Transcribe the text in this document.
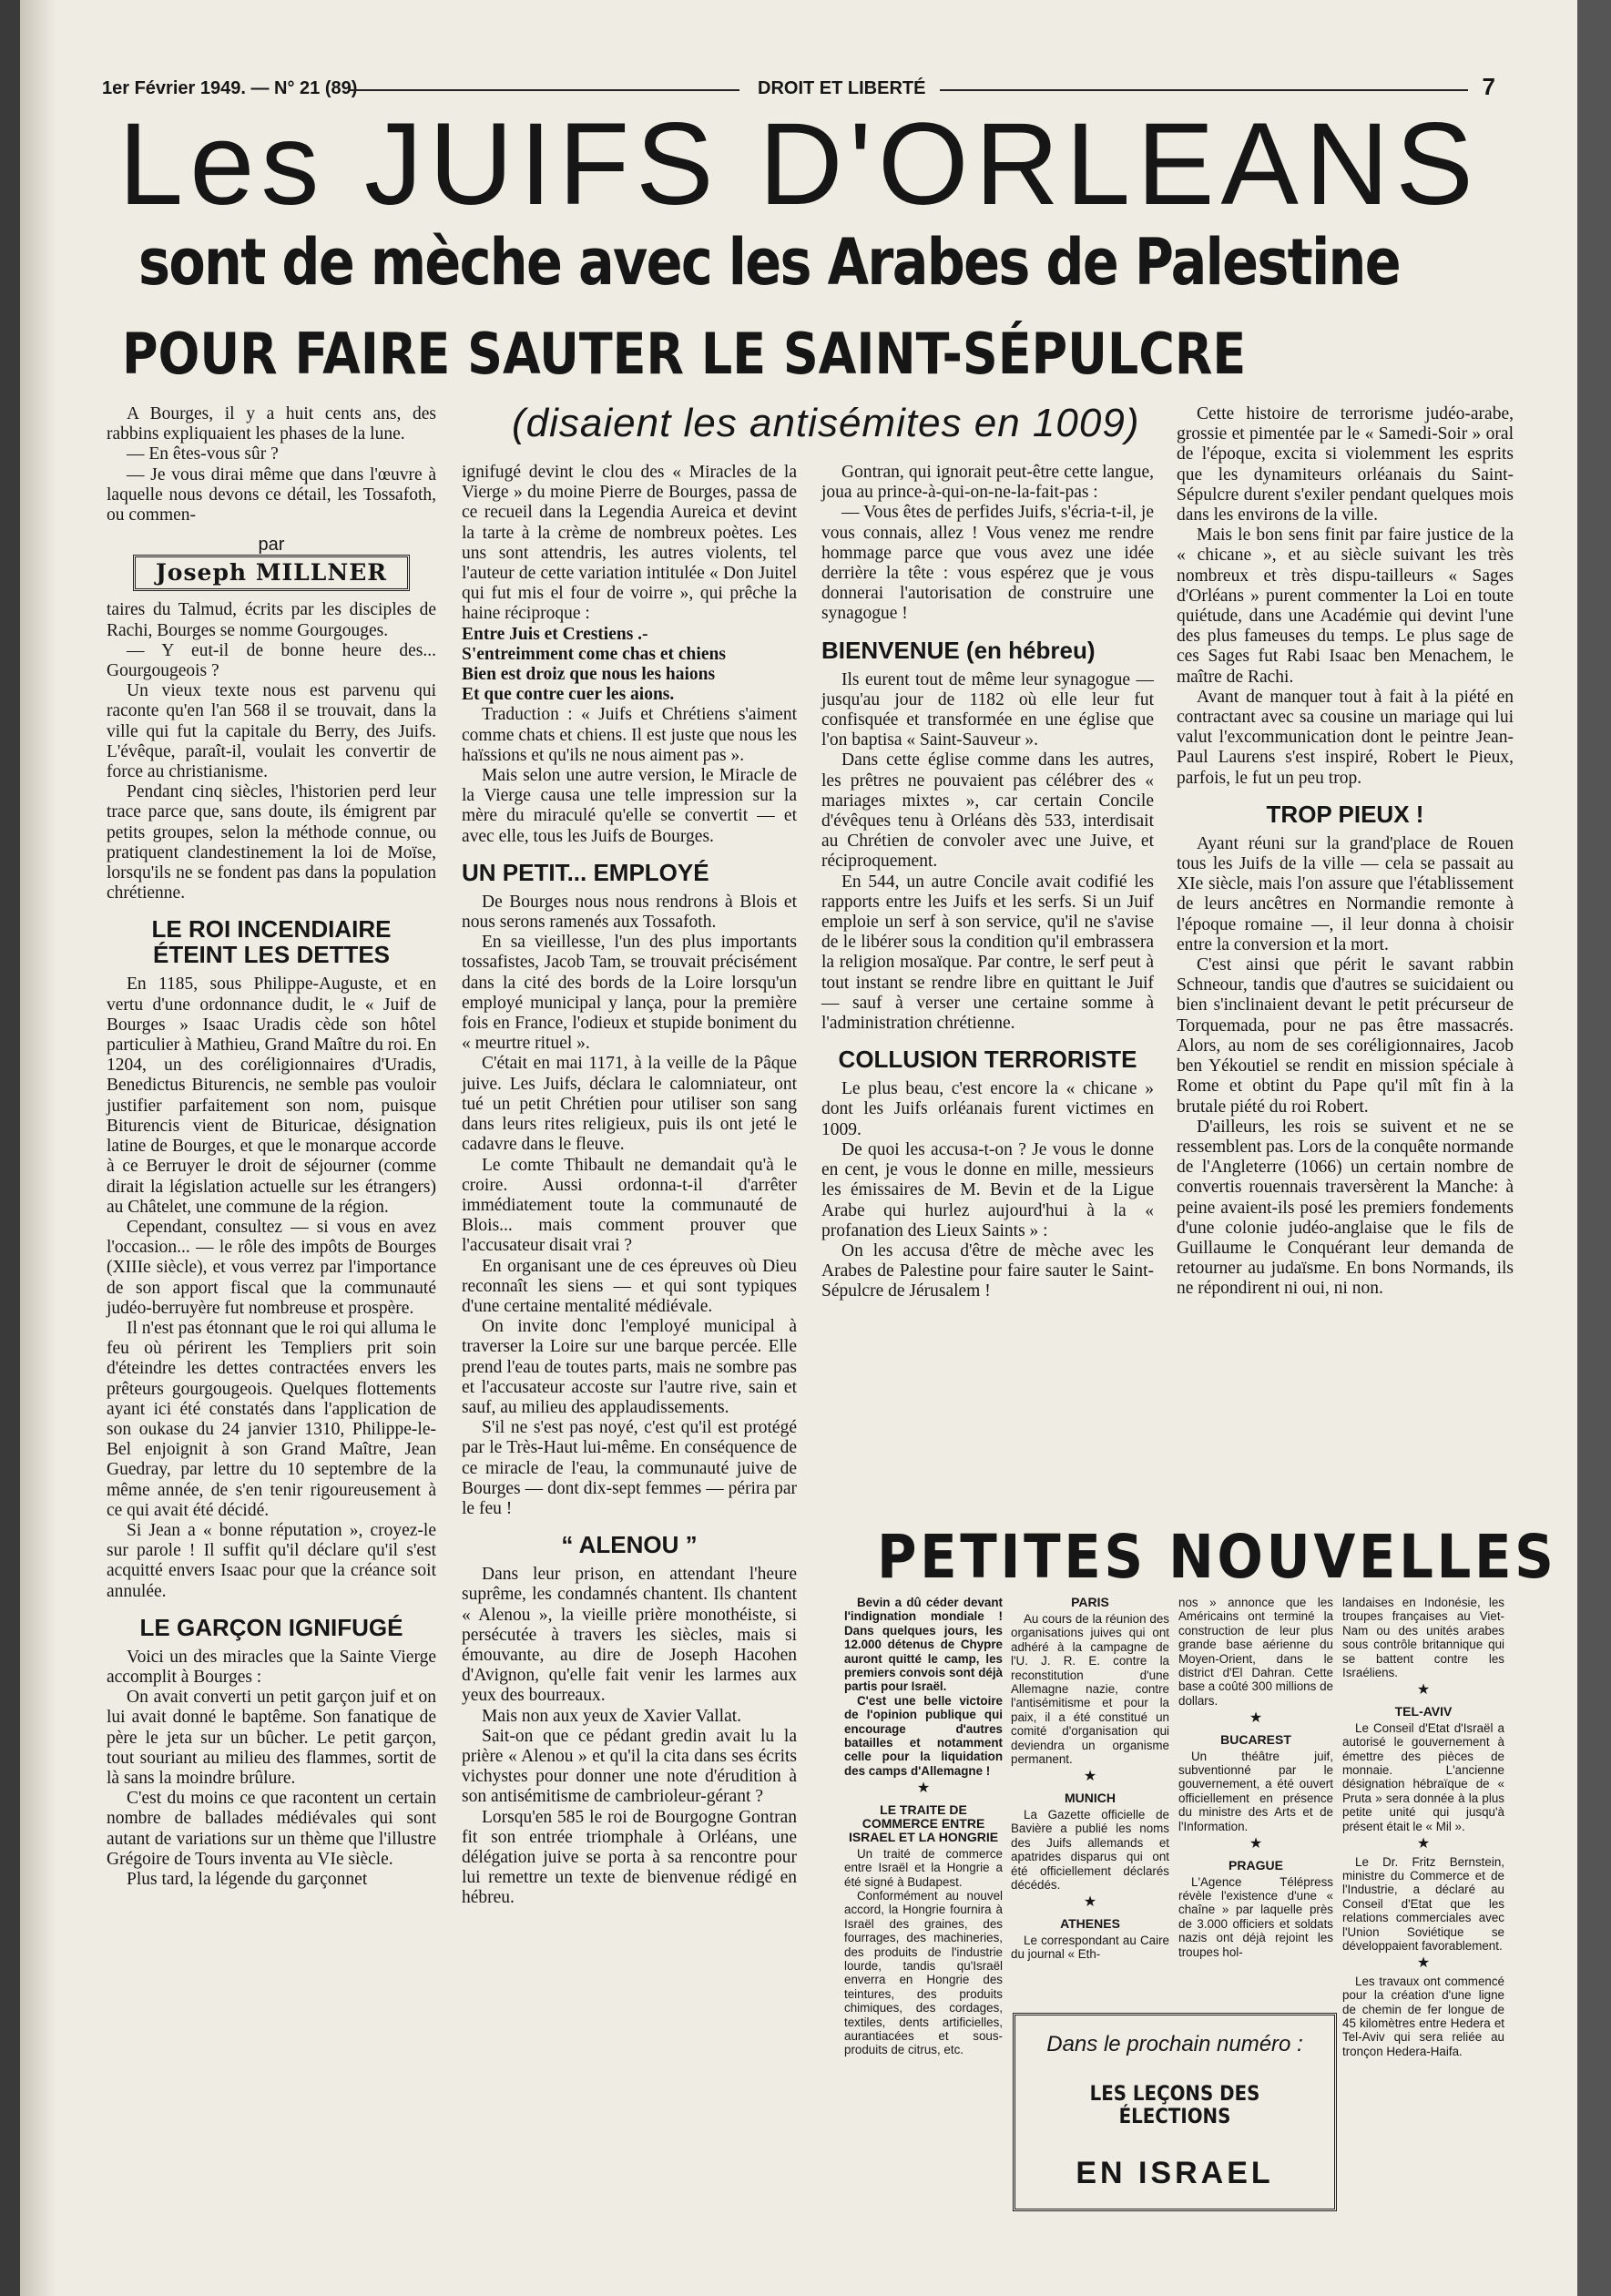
1er Février 1949. — N° 21 (89)	DROIT ET LIBERTÉ	7
Les JUIFS D'ORLEANS
sont de mèche avec les Arabes de Palestine
POUR FAIRE SAUTER LE SAINT-SÉPULCRE
(disaient les antisémites en 1009)

A Bourges, il y a huit cents ans, des rabbins expliquaient les phases de la lune.

— En êtes-vous sûr ?

— Je vous dirai même que dans l'œuvre à laquelle nous devons ce détail, les Tossafoth, ou commen-

par
Joseph MILLNER

taires du Talmud, écrits par les disciples de Rachi, Bourges se nomme Gourgouges.

— Y eut-il de bonne heure des... Gourgougeois ?

Un vieux texte nous est parvenu qui raconte qu'en l'an 568 il se trouvait, dans la ville qui fut la capitale du Berry, des Juifs. L'évêque, paraît-il, voulait les convertir de force au christianisme.

Pendant cinq siècles, l'historien perd leur trace parce que, sans doute, ils émigrent par petits groupes, selon la méthode connue, ou pratiquent clandestinement la loi de Moïse, lorsqu'ils ne se fondent pas dans la population chrétienne.

LE ROI INCENDIAIRE ÉTEINT LES DETTES

En 1185, sous Philippe-Auguste, et en vertu d'une ordonnance dudit, le « Juif de Bourges » Isaac Uradis cède son hôtel particulier à Mathieu, Grand Maître du roi. En 1204, un des coréligionnaires d'Uradis, Benedictus Biturencis, ne semble pas vouloir justifier parfaitement son nom, puisque Biturencis vient de Bituricae, désignation latine de Bourges, et que le monarque accorde à ce Berruyer le droit de séjourner (comme dirait la législation actuelle sur les étrangers) au Châtelet, une commune de la région.

Cependant, consultez — si vous en avez l'occasion... — le rôle des impôts de Bourges (XIIIe siècle), et vous verrez par l'importance de son apport fiscal que la communauté judéo-berruyère fut nombreuse et prospère.

Il n'est pas étonnant que le roi qui alluma le feu où périrent les Templiers prit soin d'éteindre les dettes contractées envers les prêteurs gourgougeois. Quelques flottements ayant ici été constatés dans l'application de son oukase du 24 janvier 1310, Philippe-le-Bel enjoignit à son Grand Maître, Jean Guedray, par lettre du 10 septembre de la même année, de s'en tenir rigoureusement à ce qui avait été décidé.

Si Jean a « bonne réputation », croyez-le sur parole ! Il suffit qu'il déclare qu'il s'est acquitté envers Isaac pour que la créance soit annulée.

LE GARÇON IGNIFUGÉ

Voici un des miracles que la Sainte Vierge accomplit à Bourges :

On avait converti un petit garçon juif et on lui avait donné le baptême. Son fanatique de père le jeta sur un bûcher. Le petit garçon, tout souriant au milieu des flammes, sortit de là sans la moindre brûlure.

C'est du moins ce que racontent un certain nombre de ballades médiévales qui sont autant de variations sur un thème que l'illustre Grégoire de Tours inventa au VIe siècle.

Plus tard, la légende du garçonnet

ignifugé devint le clou des « Miracles de la Vierge » du moine Pierre de Bourges, passa de ce recueil dans la Legendia Aureica et devint la tarte à la crème de nombreux poètes. Les uns sont attendris, les autres violents, tel l'auteur de cette variation intitulée « Don Juitel qui fut mis el four de voirre », qui prêche la haine réciproque :

Entre Juis et Crestiens .-

S'entreimment come chas et chiens

Bien est droiz que nous les haions

Et que contre cuer les aions.

Traduction : « Juifs et Chrétiens s'aiment comme chats et chiens. Il est juste que nous les haïssions et qu'ils ne nous aiment pas ».

Mais selon une autre version, le Miracle de la Vierge causa une telle impression sur la mère du miraculé qu'elle se convertit — et avec elle, tous les Juifs de Bourges.

UN PETIT... EMPLOYÉ

De Bourges nous nous rendrons à Blois et nous serons ramenés aux Tossafoth.

En sa vieillesse, l'un des plus importants tossafistes, Jacob Tam, se trouvait précisément dans la cité des bords de la Loire lorsqu'un employé municipal y lança, pour la première fois en France, l'odieux et stupide boniment du « meurtre rituel ».

C'était en mai 1171, à la veille de la Pâque juive. Les Juifs, déclara le calomniateur, ont tué un petit Chrétien pour utiliser son sang dans leurs rites religieux, puis ils ont jeté le cadavre dans le fleuve.

Le comte Thibault ne demandait qu'à le croire. Aussi ordonna-t-il d'arrêter immédiatement toute la communauté de Blois... mais comment prouver que l'accusateur disait vrai ?

En organisant une de ces épreuves où Dieu reconnaît les siens — et qui sont typiques d'une certaine mentalité médiévale.

On invite donc l'employé municipal à traverser la Loire sur une barque percée. Elle prend l'eau de toutes parts, mais ne sombre pas et l'accusateur accoste sur l'autre rive, sain et sauf, au milieu des applaudissements.

S'il ne s'est pas noyé, c'est qu'il est protégé par le Très-Haut lui-même. En conséquence de ce miracle de l'eau, la communauté juive de Bourges — dont dix-sept femmes — périra par le feu !

“ ALENOU ”

Dans leur prison, en attendant l'heure suprême, les condamnés chantent. Ils chantent « Alenou », la vieille prière monothéiste, si persécutée à travers les siècles, mais si émouvante, au dire de Joseph Hacohen d'Avignon, qu'elle fait venir les larmes aux yeux des bourreaux.

Mais non aux yeux de Xavier Vallat.

Sait-on que ce pédant gredin avait lu la prière « Alenou » et qu'il la cita dans ses écrits vichystes pour donner une note d'érudition à son antisémitisme de cambrioleur-gérant ?

Lorsqu'en 585 le roi de Bourgogne Gontran fit son entrée triomphale à Orléans, une délégation juive se porta à sa rencontre pour lui remettre un texte de bienvenue rédigé en hébreu.

Gontran, qui ignorait peut-être cette langue, joua au prince-à-qui-on-ne-la-fait-pas :

— Vous êtes de perfides Juifs, s'écria-t-il, je vous connais, allez ! Vous venez me rendre hommage parce que vous avez une idée derrière la tête : vous espérez que je vous donnerai l'autorisation de construire une synagogue !

BIENVENUE (en hébreu)

Ils eurent tout de même leur synagogue — jusqu'au jour de 1182 où elle leur fut confisquée et transformée en une église que l'on baptisa « Saint-Sauveur ».

Dans cette église comme dans les autres, les prêtres ne pouvaient pas célébrer des « mariages mixtes », car certain Concile d'évêques tenu à Orléans dès 533, interdisait au Chrétien de convoler avec une Juive, et réciproquement.

En 544, un autre Concile avait codifié les rapports entre les Juifs et les serfs. Si un Juif emploie un serf à son service, qu'il ne s'avise de le libérer sous la condition qu'il embrassera la religion mosaïque. Par contre, le serf peut à tout instant se rendre libre en quittant le Juif — sauf à verser une certaine somme à l'administration chrétienne.

COLLUSION TERRORISTE

Le plus beau, c'est encore la « chicane » dont les Juifs orléanais furent victimes en 1009.

De quoi les accusa-t-on ? Je vous le donne en cent, je vous le donne en mille, messieurs les émissaires de M. Bevin et de la Ligue Arabe qui hurlez aujourd'hui à la « profanation des Lieux Saints » :

On les accusa d'être de mèche avec les Arabes de Palestine pour faire sauter le Saint-Sépulcre de Jérusalem !

Cette histoire de terrorisme judéo-arabe, grossie et pimentée par le « Samedi-Soir » oral de l'époque, excita si violemment les esprits que les dynamiteurs orléanais du Saint-Sépulcre durent s'exiler pendant quelques mois dans les environs de la ville.

Mais le bon sens finit par faire justice de la « chicane », et au siècle suivant les très nombreux et très dispu-tailleurs « Sages d'Orléans » purent commenter la Loi en toute quiétude, dans une Académie qui devint l'une des plus fameuses du temps. Le plus sage de ces Sages fut Rabi Isaac ben Menachem, le maître de Rachi.

Avant de manquer tout à fait à la piété en contractant avec sa cousine un mariage qui lui valut l'excommunication dont le peintre Jean-Paul Laurens s'est inspiré, Robert le Pieux, parfois, le fut un peu trop.

TROP PIEUX !

Ayant réuni sur la grand'place de Rouen tous les Juifs de la ville — cela se passait au XIe siècle, mais l'on assure que l'établissement de leurs ancêtres en Normandie remonte à l'époque romaine —, il leur donna à choisir entre la conversion et la mort.

C'est ainsi que périt le savant rabbin Schneour, tandis que d'autres se suicidaient ou bien s'inclinaient devant le petit précurseur de Torquemada, pour ne pas être massacrés. Alors, au nom de ses coréligionnaires, Jacob ben Yékoutiel se rendit en mission spéciale à Rome et obtint du Pape qu'il mît fin à la brutale piété du roi Robert.

D'ailleurs, les rois se suivent et ne se ressemblent pas. Lors de la conquête normande de l'Angleterre (1066) un certain nombre de convertis rouennais traversèrent la Manche: à peine avaient-ils posé les premiers fondements d'une colonie judéo-anglaise que le fils de Guillaume le Conquérant leur demanda de retourner au judaïsme. En bons Normands, ils ne répondirent ni oui, ni non.

PETITES NOUVELLES

Bevin a dû céder devant l'indignation mondiale ! Dans quelques jours, les 12.000 détenus de Chypre auront quitté le camp, les premiers convois sont déjà partis pour Israël.

C'est une belle victoire de l'opinion publique qui encourage d'autres batailles et notamment celle pour la liquidation des camps d'Allemagne !

★

LE TRAITE DE COMMERCE ENTRE ISRAEL ET LA HONGRIE

Un traité de commerce entre Israël et la Hongrie a été signé à Budapest.

Conformément au nouvel accord, la Hongrie fournira à Israël des graines, des fourrages, des machineries, des produits de l'industrie lourde, tandis qu'Israël enverra en Hongrie des teintures, des produits chimiques, des cordages, textiles, dents artificielles, aurantiacées et sous-produits de citrus, etc.

PARIS

Au cours de la réunion des organisations juives qui ont adhéré à la campagne de l'U. J. R. E. contre la reconstitution d'une Allemagne nazie, contre l'antisémitisme et pour la paix, il a été constitué un comité d'organisation qui deviendra un organisme permanent.

★

MUNICH

La Gazette officielle de Bavière a publié les noms des Juifs allemands et apatrides disparus qui ont été officiellement déclarés décédés.

★

ATHENES

Le correspondant au Caire du journal « Eth-

nos » annonce que les Américains ont terminé la construction de leur plus grande base aérienne du Moyen-Orient, dans le district d'El Dahran. Cette base a coûté 300 millions de dollars.

★

BUCAREST

Un théâtre juif, subventionné par le gouvernement, a été ouvert officiellement en présence du ministre des Arts et de l'Information.

★

PRAGUE

L'Agence Télépress révèle l'existence d'une « chaîne » par laquelle près de 3.000 officiers et soldats nazis ont déjà rejoint les troupes hol-

landaises en Indonésie, les troupes françaises au Viet-Nam ou des unités arabes sous contrôle britannique qui se battent contre les Israéliens.

★

TEL-AVIV

Le Conseil d'Etat d'Israël a autorisé le gouvernement à émettre des pièces de monnaie. L'ancienne désignation hébraïque de « Pruta » sera donnée à la plus petite unité qui jusqu'à présent était le « Mil ».

★

Le Dr. Fritz Bernstein, ministre du Commerce et de l'Industrie, a déclaré au Conseil d'Etat que les relations commerciales avec l'Union Soviétique se développaient favorablement.

★

Les travaux ont commencé pour la création d'une ligne de chemin de fer longue de 45 kilomètres entre Hedera et Tel-Aviv qui sera reliée au tronçon Hedera-Haifa.

Dans le prochain numéro :
LES LEÇONS DES ÉLECTIONS
EN ISRAEL
